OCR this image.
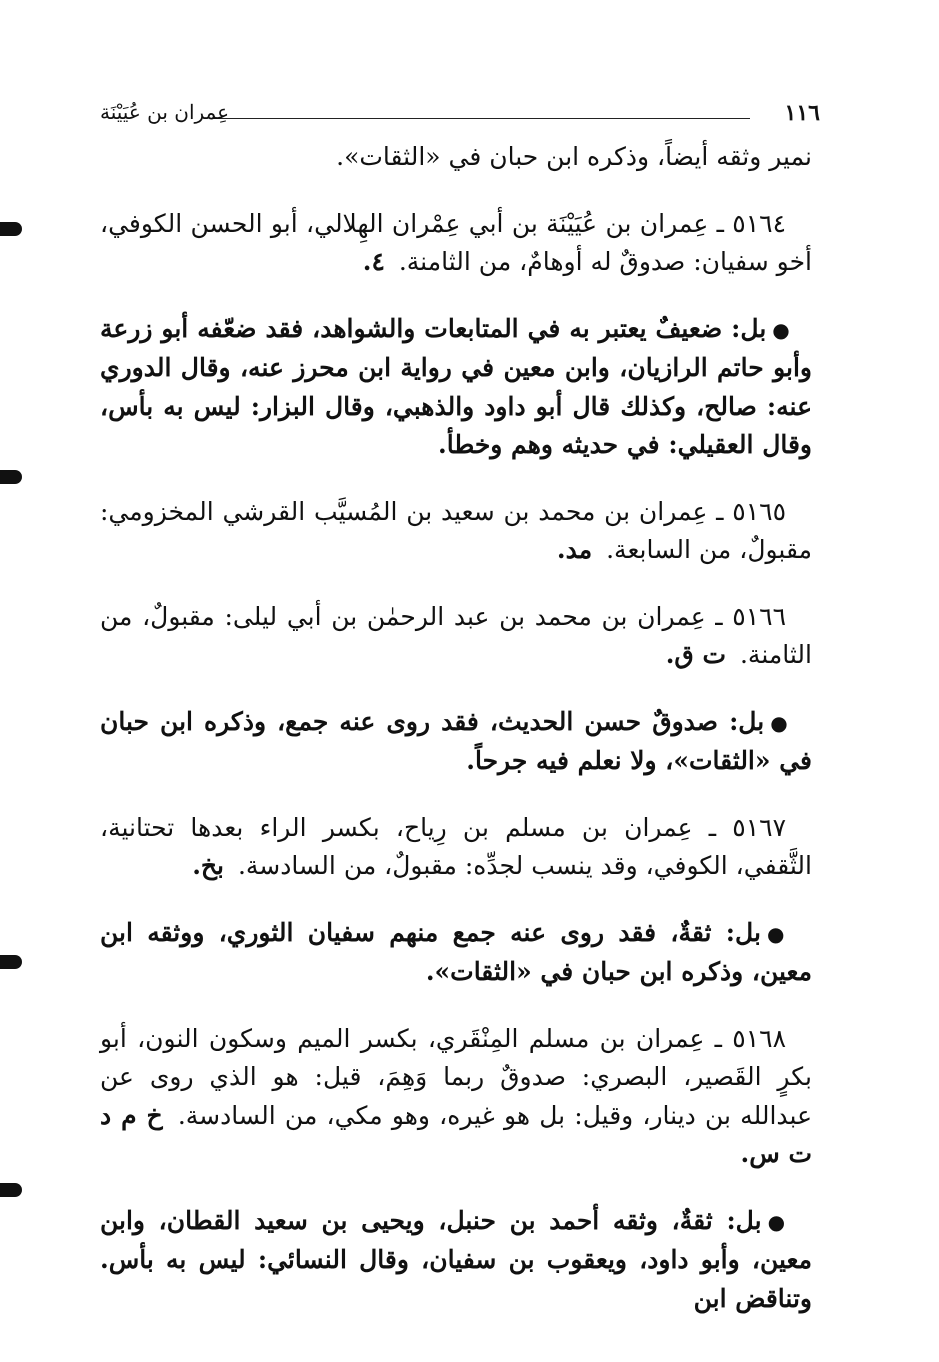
١١٦
عِمران بن عُيَيْنَة

نمير وثقه أيضاً، وذكره ابن حبان في «الثقات».

٥١٦٤ ـ عِمران بن عُيَيْنَة بن أبي عِمْران الهِلالي، أبو الحسن الكوفي، أخو سفيان: صدوقٌ له أوهامٌ، من الثامنة. ٤.

●بل: ضعيفٌ يعتبر به في المتابعات والشواهد، فقد ضعّفه أبو زرعة وأبو حاتم الرازيان، وابن معين في رواية ابن محرز عنه، وقال الدوري عنه: صالح، وكذلك قال أبو داود والذهبي، وقال البزار: ليس به بأس، وقال العقيلي: في حديثه وهم وخطأ.

٥١٦٥ ـ عِمران بن محمد بن سعيد بن المُسيَّب القرشي المخزومي: مقبولٌ، من السابعة. مد.

٥١٦٦ ـ عِمران بن محمد بن عبد الرحمٰن بن أبي ليلى: مقبولٌ، من الثامنة. ت ق.

●بل: صدوقٌ حسن الحديث، فقد روى عنه جمع، وذكره ابن حبان في «الثقات»، ولا نعلم فيه جرحاً.

٥١٦٧ ـ عِمران بن مسلم بن رِياح، بكسر الراء بعدها تحتانية، الثَّقفي، الكوفي، وقد ينسب لجدِّه: مقبولٌ، من السادسة. بخ.

●بل: ثقةٌ، فقد روى عنه جمع منهم سفيان الثوري، ووثقه ابن معين، وذكره ابن حبان في «الثقات».

٥١٦٨ ـ عِمران بن مسلم المِنْقَري، بكسر الميم وسكون النون، أبو بكرٍ القَصير، البصري: صدوقٌ ربما وَهِمَ، قيل: هو الذي روى عن عبدالله بن دينار، وقيل: بل هو غيره، وهو مكي، من السادسة. خ م د ت س.

●بل: ثقةٌ، وثقه أحمد بن حنبل، ويحيى بن سعيد القطان، وابن معين، وأبو داود، ويعقوب بن سفيان، وقال النسائي: ليس به بأس. وتناقض ابن
